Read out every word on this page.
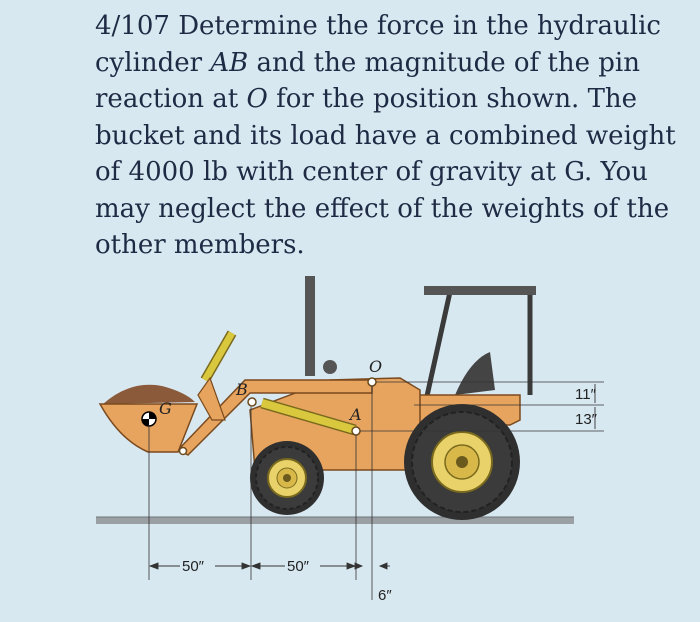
4/107 Determine the force in the hydraulic cylinder AB and the magnitude of the pin reaction at O for the position shown. The bucket and its load have a combined weight of 4000 lb with center of gravity at G. You may neglect the effect of the weights of the other members.

G
B
A
O
50″	50″
6″
11″
13″
